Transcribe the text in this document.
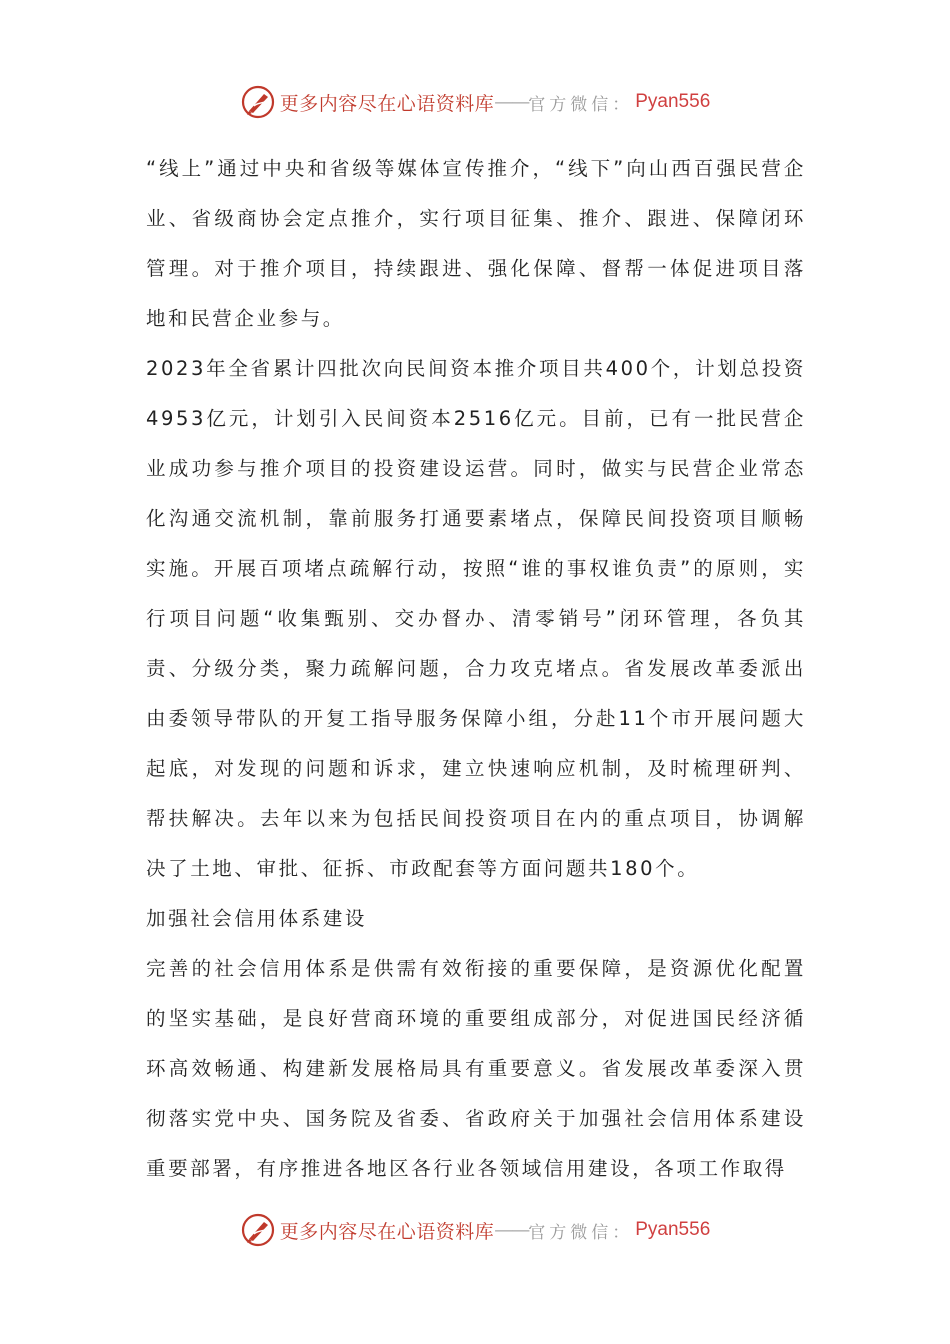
更多内容尽在心语资料库 —— 官方微信： Pyan556

“线上”通过中央和省级等媒体宣传推介，“线下”向山西百强民营企业、省级商协会定点推介，实行项目征集、推介、跟进、保障闭环管理。对于推介项目，持续跟进、强化保障、督帮一体促进项目落地和民营企业参与。

2023年全省累计四批次向民间资本推介项目共400个，计划总投资4953亿元，计划引入民间资本2516亿元。目前，已有一批民营企业成功参与推介项目的投资建设运营。同时，做实与民营企业常态化沟通交流机制，靠前服务打通要素堵点，保障民间投资项目顺畅实施。开展百项堵点疏解行动，按照“谁的事权谁负责”的原则，实行项目问题“收集甄别、交办督办、清零销号”闭环管理，各负其责、分级分类，聚力疏解问题，合力攻克堵点。省发展改革委派出由委领导带队的开复工指导服务保障小组，分赴11个市开展问题大起底，对发现的问题和诉求，建立快速响应机制，及时梳理研判、帮扶解决。去年以来为包括民间投资项目在内的重点项目，协调解决了土地、审批、征拆、市政配套等方面问题共180个。

加强社会信用体系建设

完善的社会信用体系是供需有效衔接的重要保障，是资源优化配置的坚实基础，是良好营商环境的重要组成部分，对促进国民经济循环高效畅通、构建新发展格局具有重要意义。省发展改革委深入贯彻落实党中央、国务院及省委、省政府关于加强社会信用体系建设重要部署，有序推进各地区各行业各领域信用建设，各项工作取得

更多内容尽在心语资料库 —— 官方微信： Pyan556
